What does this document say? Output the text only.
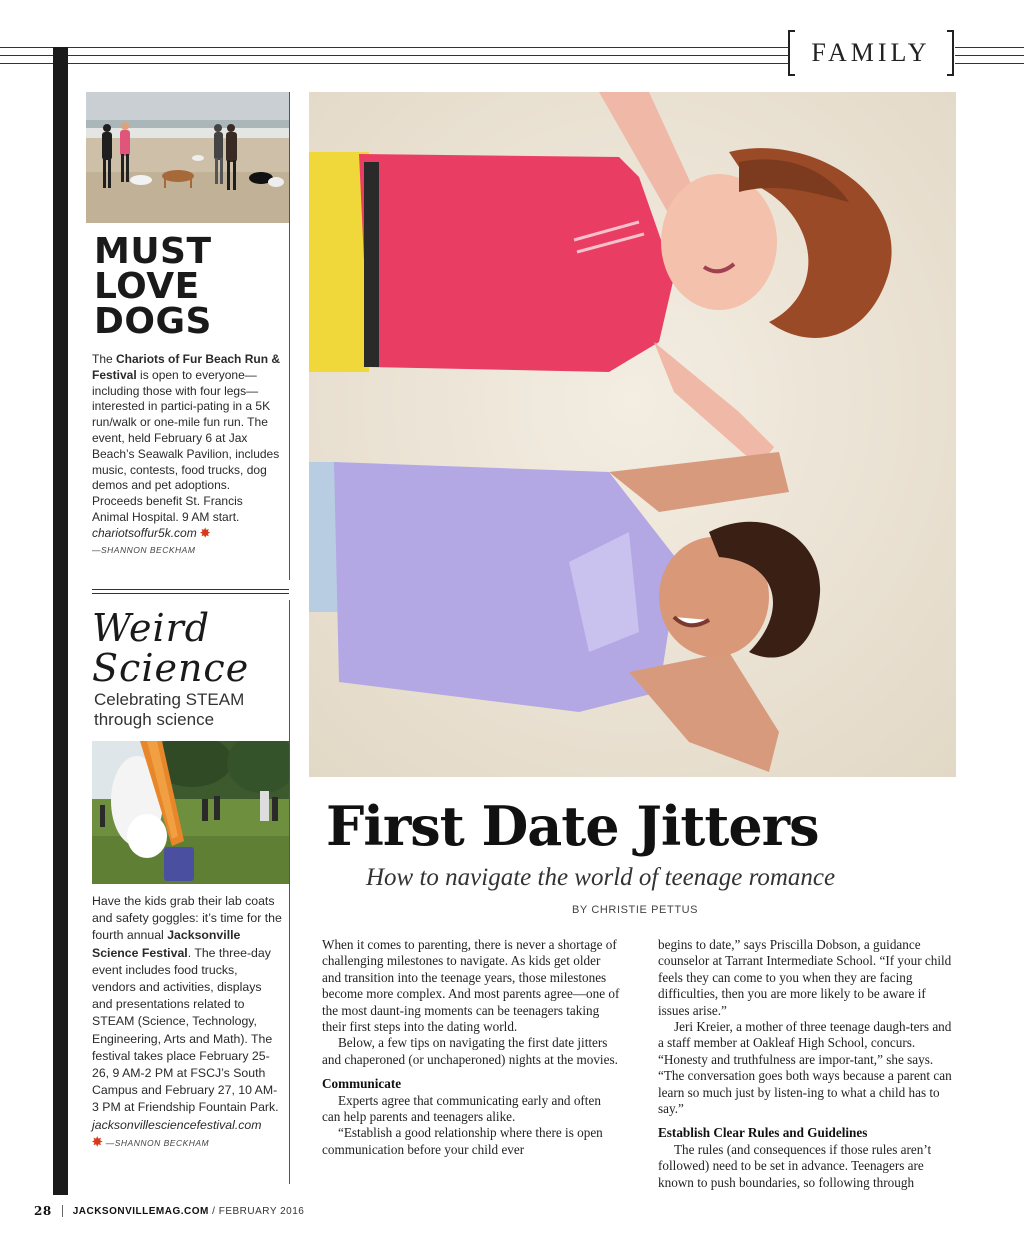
FAMILY
MUST
LOVE
DOGS
The Chariots of Fur Beach Run & Festival is open to everyone—including those with four legs—interested in partici-pating in a 5K run/walk or one-mile fun run. The event, held February 6 at Jax Beach’s Seawalk Pavilion, includes music, contests, food trucks, dog demos and pet adoptions. Proceeds benefit St. Francis Animal Hospital. 9 AM start.
chariotsoffur5k.com ✸
—SHANNON BECKHAM
Weird
Science
Celebrating STEAM
through science
Have the kids grab their lab coats and safety goggles: it’s time for the fourth annual Jacksonville Science Festival. The three-day event includes food trucks, vendors and activities, displays and presentations related to STEAM (Science, Technology, Engineering, Arts and Math). The festival takes place February 25-26, 9 AM-2 PM at FSCJ’s South Campus and February 27, 10 AM-3 PM at Friendship Fountain Park.
jacksonvillesciencefestival.com
✸ —SHANNON BECKHAM
First Date Jitters
How to navigate the world of teenage romance
BY CHRISTIE PETTUS

When it comes to parenting, there is never a shortage of challenging milestones to navigate. As kids get older and transition into the teenage years, those milestones become more complex. And most parents agree—one of the most daunt-ing moments can be teenagers taking their first steps into the dating world.

Below, a few tips on navigating the first date jitters and chaperoned (or unchaperoned) nights at the movies.

Communicate

Experts agree that communicating early and often can help parents and teenagers alike.

“Establish a good relationship where there is open communication before your child ever

begins to date,” says Priscilla Dobson, a guidance counselor at Tarrant Intermediate School. “If your child feels they can come to you when they are facing difficulties, then you are more likely to be aware if issues arise.”

Jeri Kreier, a mother of three teenage daugh-ters and a staff member at Oakleaf High School, concurs. “Honesty and truthfulness are impor-tant,” she says. “The conversation goes both ways because a parent can learn so much just by listen-ing to what a child has to say.”

Establish Clear Rules and Guidelines

The rules (and consequences if those rules aren’t followed) need to be set in advance. Teenagers are known to push boundaries, so following through

28 JACKSONVILLEMAG.COM
/ FEBRUARY 2016
